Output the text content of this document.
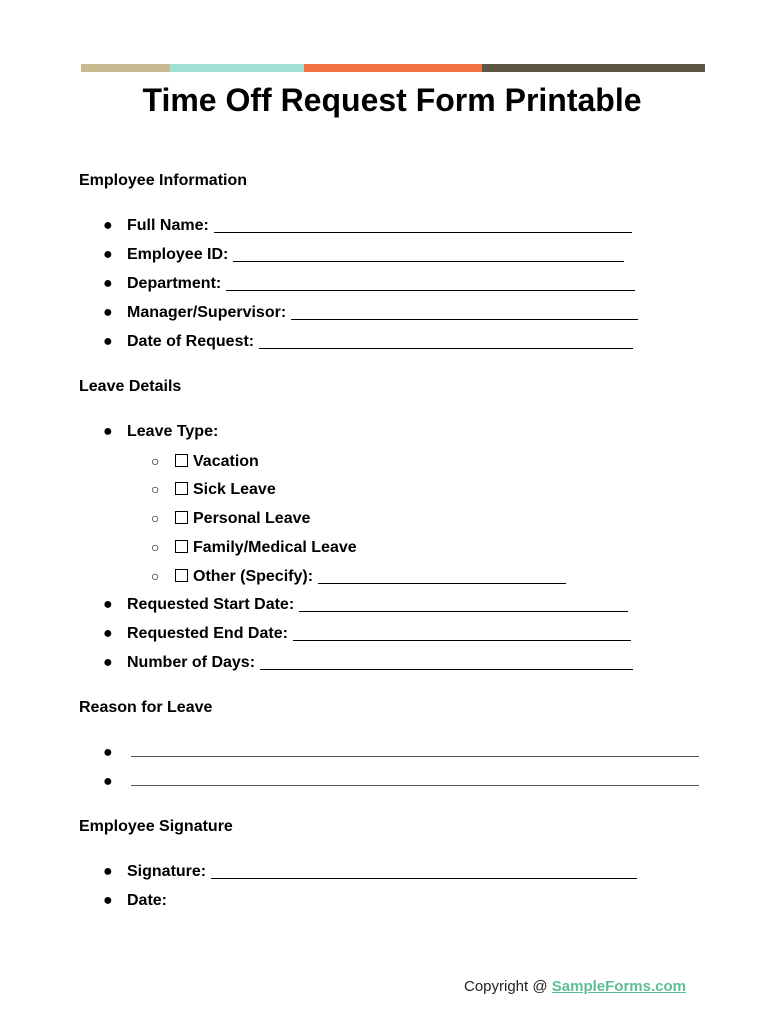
Time Off Request Form Printable
Employee Information
● Full Name:
● Employee ID:
● Department:
● Manager/Supervisor:
● Date of Request:
Leave Details
● Leave Type:
○ Vacation
○ Sick Leave
○ Personal Leave
○ Family/Medical Leave
○ Other (Specify):
● Requested Start Date:
● Requested End Date:
● Number of Days:
Reason for Leave
●
●
Employee Signature
● Signature:
● Date:
Copyright @ SampleForms.com
